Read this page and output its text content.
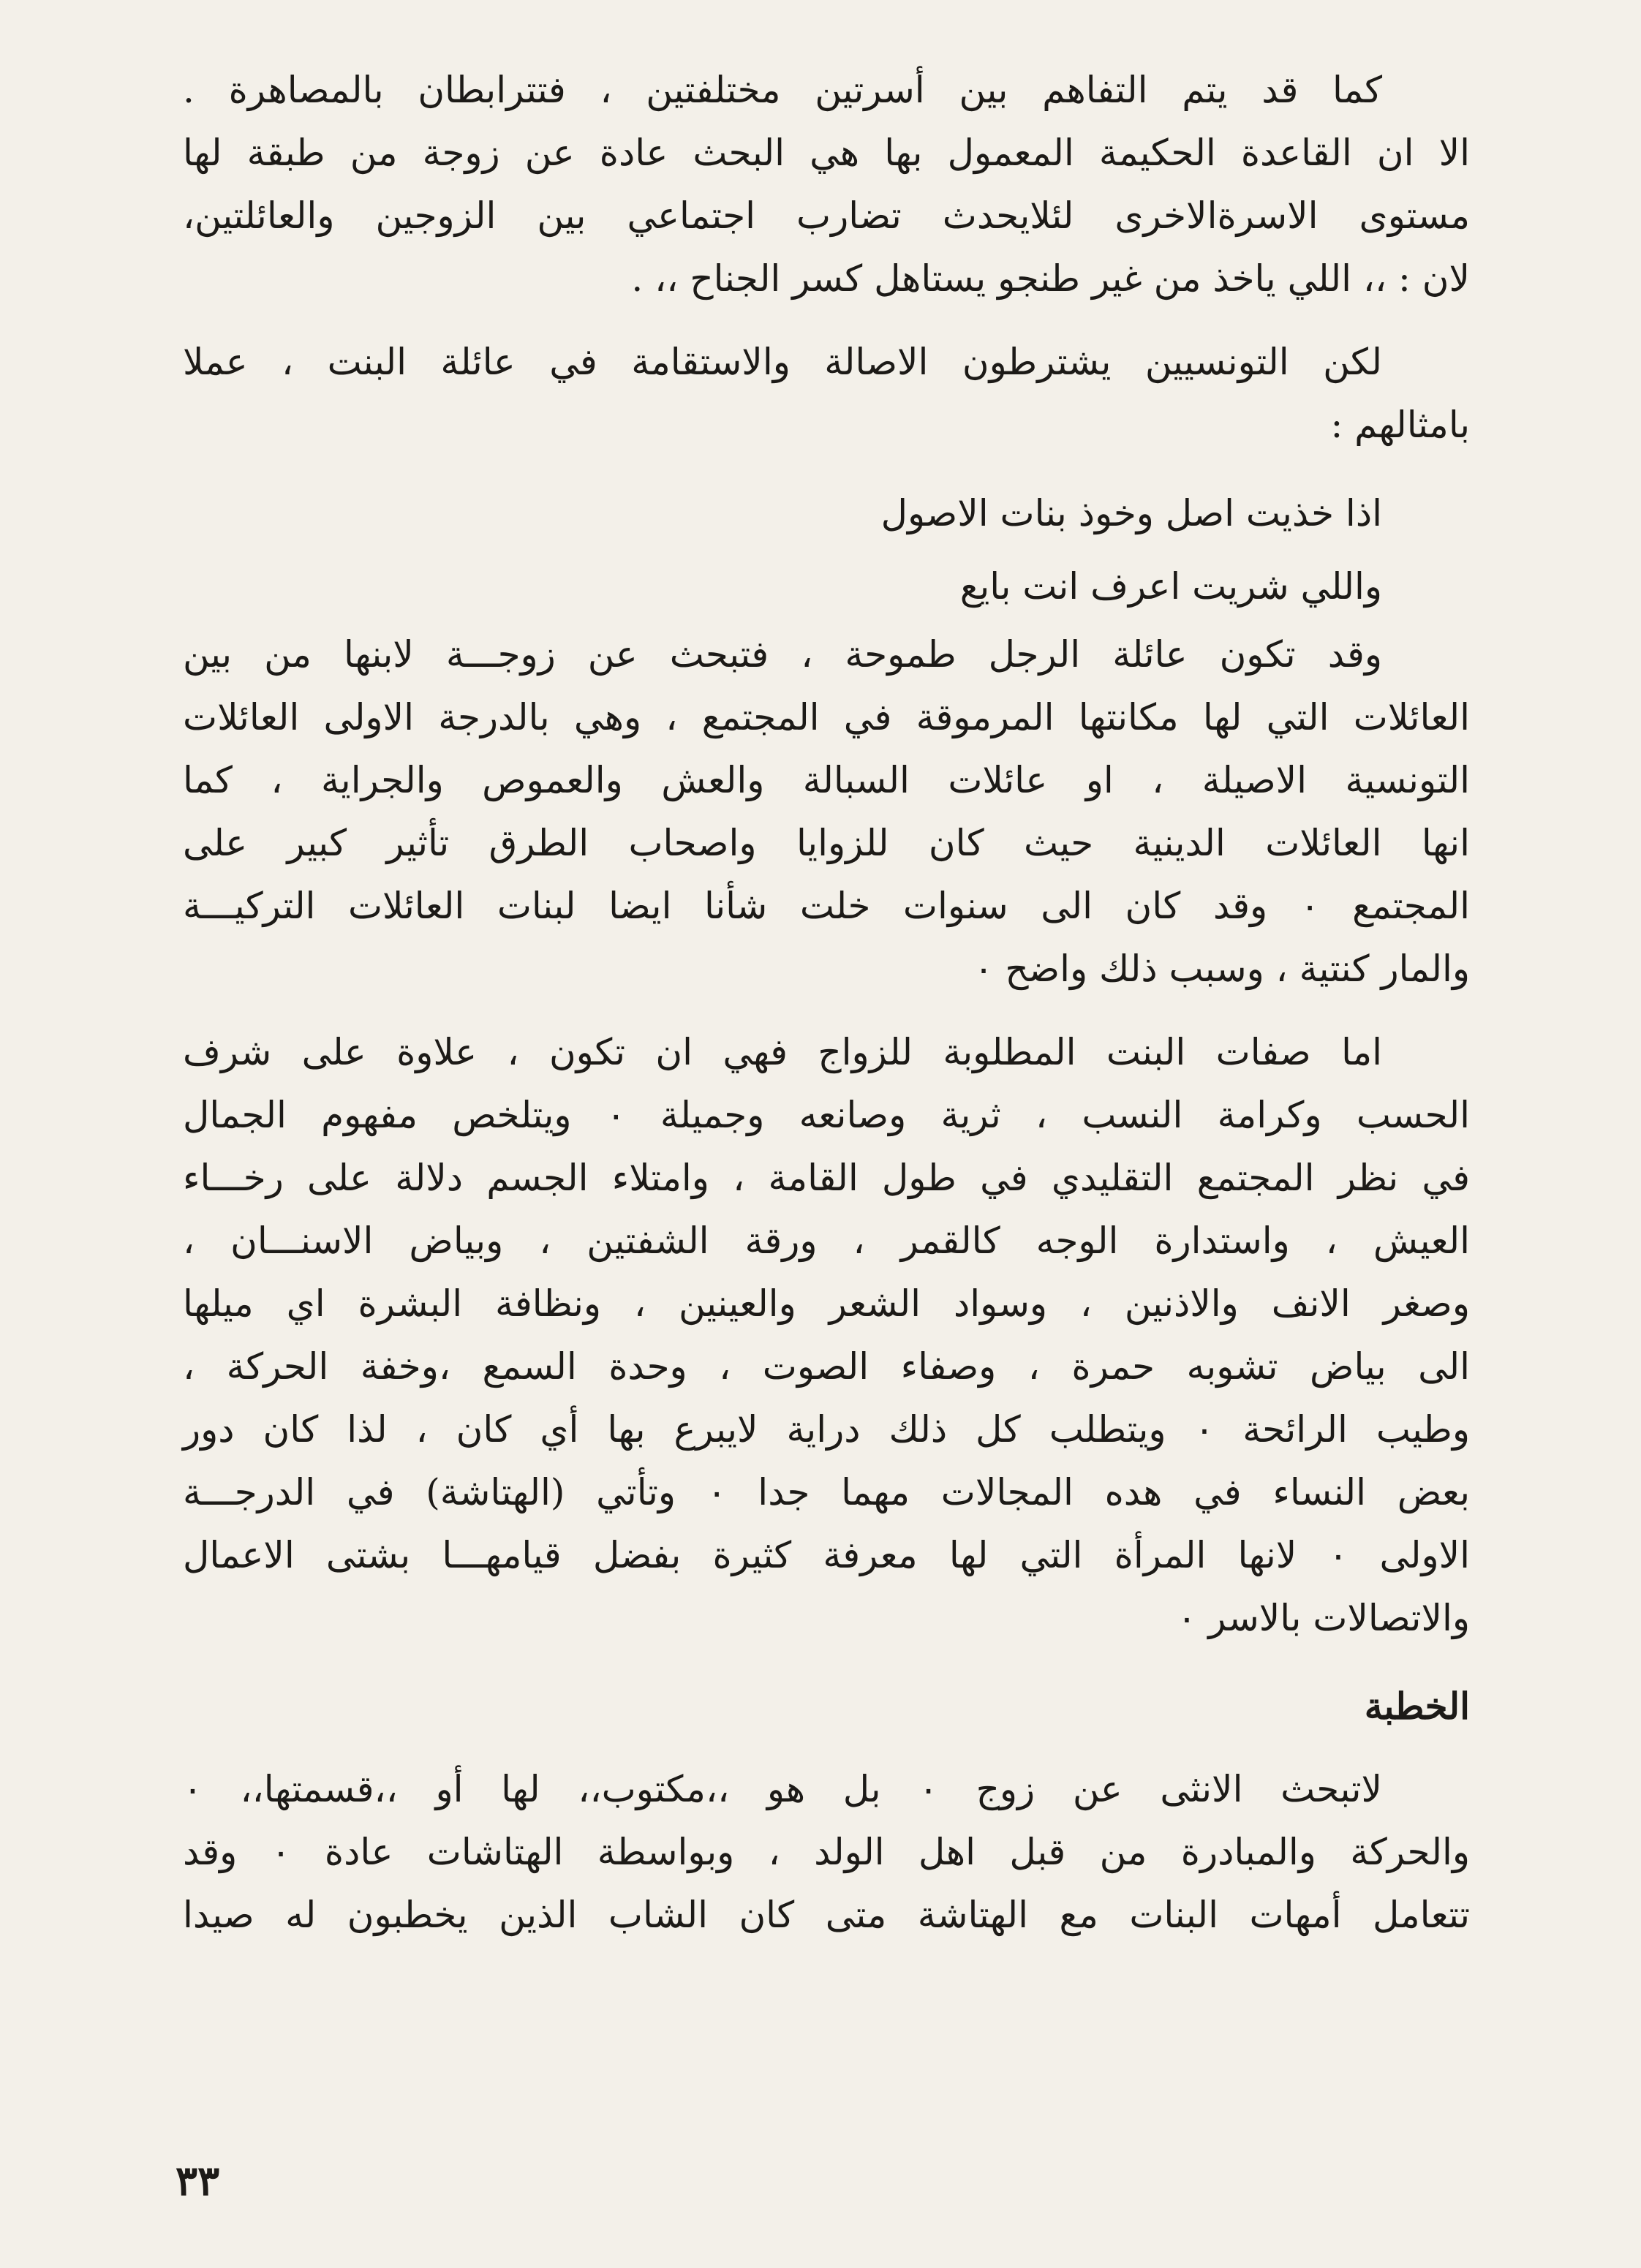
كما قد يتم التفاهم بين أسرتين مختلفتين ، فتترابطان بالمصاهرة .
الا ان القاعدة الحكيمة المعمول بها هي البحث عادة عن زوجة من طبقة لها
مستوى الاسرةالاخرى لئلايحدث تضارب اجتماعي بين الزوجين والعائلتين،
لان : ،، اللي ياخذ من غير طنجو يستاهل كسر الجناح ،، .
لكن التونسيين يشترطون الاصالة والاستقامة في عائلة البنت ، عملا
بامثالهم :

اذا خذيت اصل وخوذ بنات الاصول

واللي شريت اعرف انت بايع

وقد تكون عائلة الرجل طموحة ، فتبحث عن زوجـــة لابنها من بين
العائلات التي لها مكانتها المرموقة في المجتمع ، وهي بالدرجة الاولى العائلات
التونسية الاصيلة ، او عائلات السبالة والعش والعموص والجراية ، كما
انها العائلات الدينية حيث كان للزوايا واصحاب الطرق تأثير كبير على
المجتمع ٠ وقد كان الى سنوات خلت شأنا ايضا لبنات العائلات التركيـــة
والمار كنتية ، وسبب ذلك واضح ٠
اما صفات البنت المطلوبة للزواج فهي ان تكون ، علاوة على شرف
الحسب وكرامة النسب ، ثرية وصانعه وجميلة ٠ ويتلخص مفهوم الجمال
في نظر المجتمع التقليدي في طول القامة ، وامتلاء الجسم دلالة على رخـــاء
العيش ، واستدارة الوجه كالقمر ، ورقة الشفتين ، وبياض الاسنـــان ،
وصغر الانف والاذنين ، وسواد الشعر والعينين ، ونظافة البشرة اي ميلها
الى بياض تشوبه حمرة ، وصفاء الصوت ، وحدة السمع ،وخفة الحركة ،
وطيب الرائحة ٠ ويتطلب كل ذلك دراية لايبرع بها أي كان ، لذا كان دور
بعض النساء في هده المجالات مهما جدا ٠ وتأتي (الهتاشة) في الدرجـــة
الاولى ٠ لانها المرأة التي لها معرفة كثيرة بفضل قيامهـــا بشتى الاعمال
والاتصالات بالاسر ٠
الخطبة
لاتبحث الانثى عن زوج ٠ بل هو ،،مكتوب،، لها أو ،،قسمتها،، ٠
والحركة والمبادرة من قبل اهل الولد ، وبواسطة الهتاشات عادة ٠ وقد
تتعامل أمهات البنات مع الهتاشة متى كان الشاب الذين يخطبون له صيدا
٣٣
